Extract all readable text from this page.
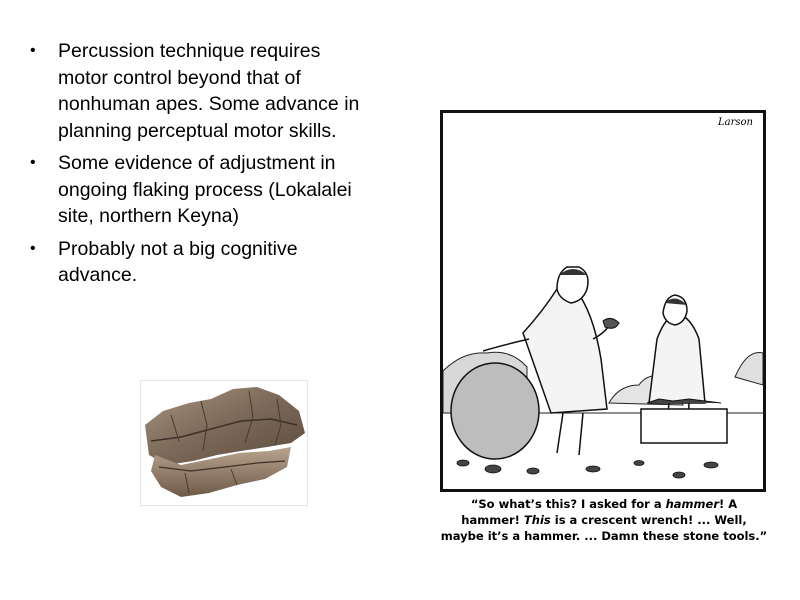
• Percussion technique requires motor control beyond that of nonhuman apes. Some advance in planning perceptual motor skills.
• Some evidence of adjustment in ongoing flaking process (Lokalalei site, northern Keyna)
• Probably not a big cognitive advance.
Larson
“So what’s this? I asked for a hammer! A hammer! This is a crescent wrench! ... Well, maybe it’s a hammer. ... Damn these stone tools.”
